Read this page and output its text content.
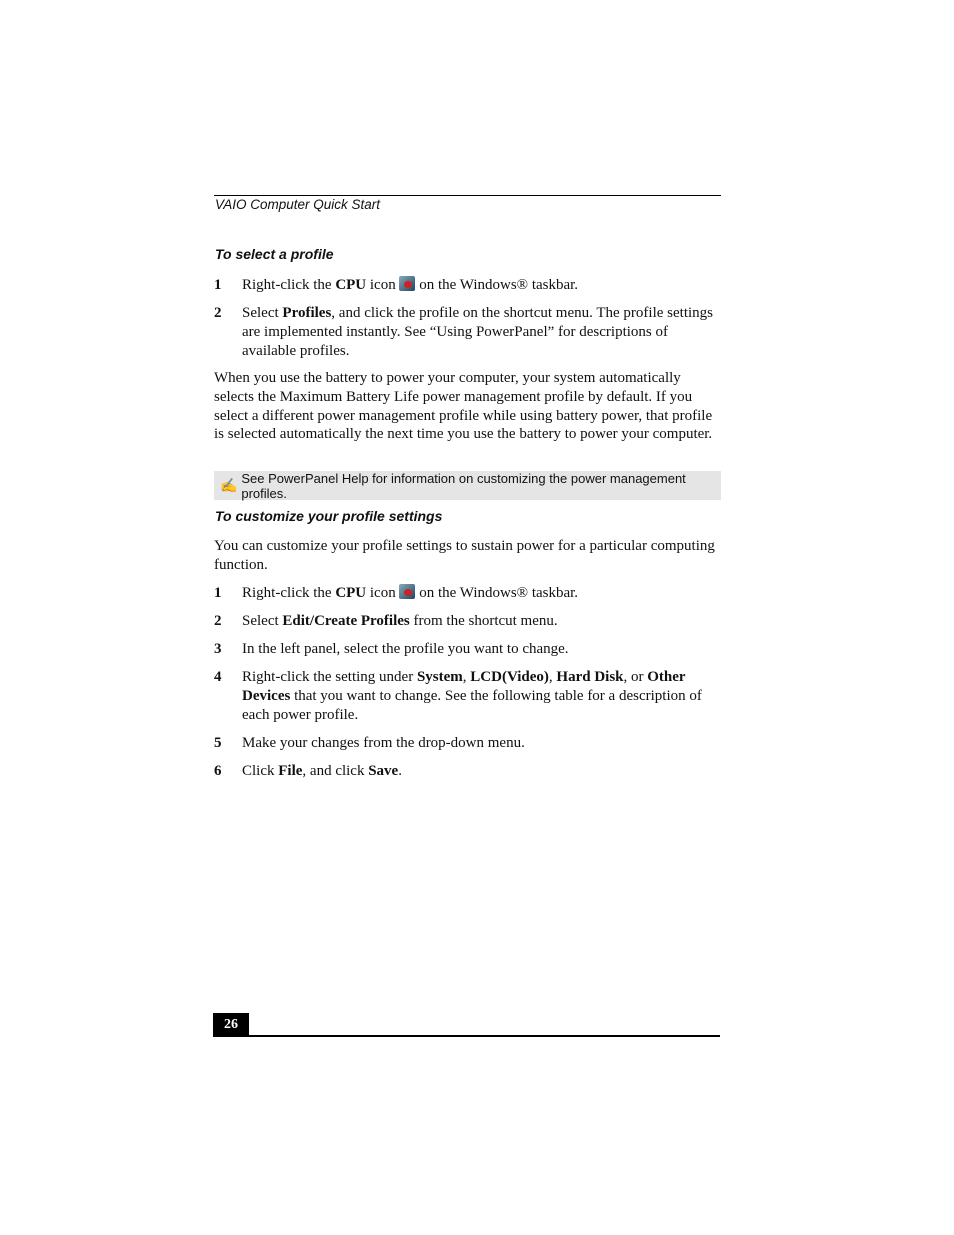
VAIO Computer Quick Start
To select a profile
1	Right-click the CPU icon  on the Windows® taskbar.
2	Select Profiles, and click the profile on the shortcut menu. The profile settings are implemented instantly. See “Using PowerPanel” for descriptions of available profiles.
When you use the battery to power your computer, your system automatically selects the Maximum Battery Life power management profile by default. If you select a different power management profile while using battery power, that profile is selected automatically the next time you use the battery to power your computer.
✍ See PowerPanel Help for information on customizing the power management profiles.
To customize your profile settings
You can customize your profile settings to sustain power for a particular computing function.
1	Right-click the CPU icon  on the Windows® taskbar.
2	Select Edit/Create Profiles from the shortcut menu.
3	In the left panel, select the profile you want to change.
4	Right-click the setting under System, LCD(Video), Hard Disk, or Other Devices that you want to change. See the following table for a description of each power profile.
5	Make your changes from the drop-down menu.
6	Click File, and click Save.
26
